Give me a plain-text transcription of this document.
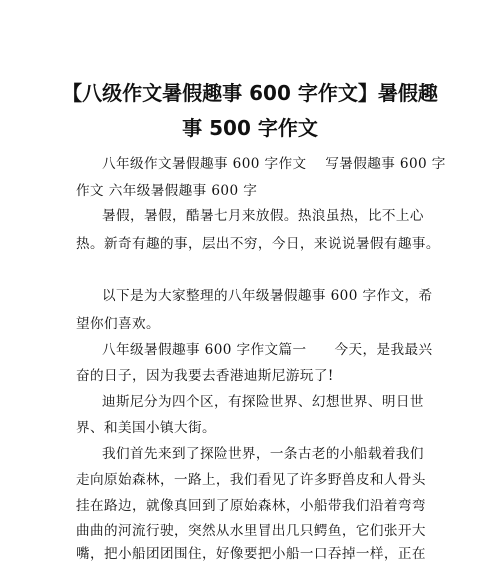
【八级作文暑假趣事 600 字作文】暑假趣
事 500 字作文
八年级作文暑假趣事 600 字作文　 写暑假趣事 600 字
作文 六年级暑假趣事 600 字
暑假，暑假，酷暑七月来放假。热浪虽热，比不上心
热。新奇有趣的事，层出不穷，今日，来说说暑假有趣事。
以下是为大家整理的八年级暑假趣事 600 字作文，希
望你们喜欢。
八年级暑假趣事 600 字作文篇一　　今天，是我最兴
奋的日子，因为我要去香港迪斯尼游玩了!
迪斯尼分为四个区，有探险世界、幻想世界、明日世
界、和美国小镇大街。
我们首先来到了探险世界，一条古老的小船载着我们
走向原始森林，一路上，我们看见了许多野兽皮和人骨头
挂在路边，就像真回到了原始森林，小船带我们沿着弯弯
曲曲的河流行驶，突然从水里冒出几只鳄鱼，它们张开大
嘴，把小船团团围住，好像要把小船一口吞掉一样，正在
